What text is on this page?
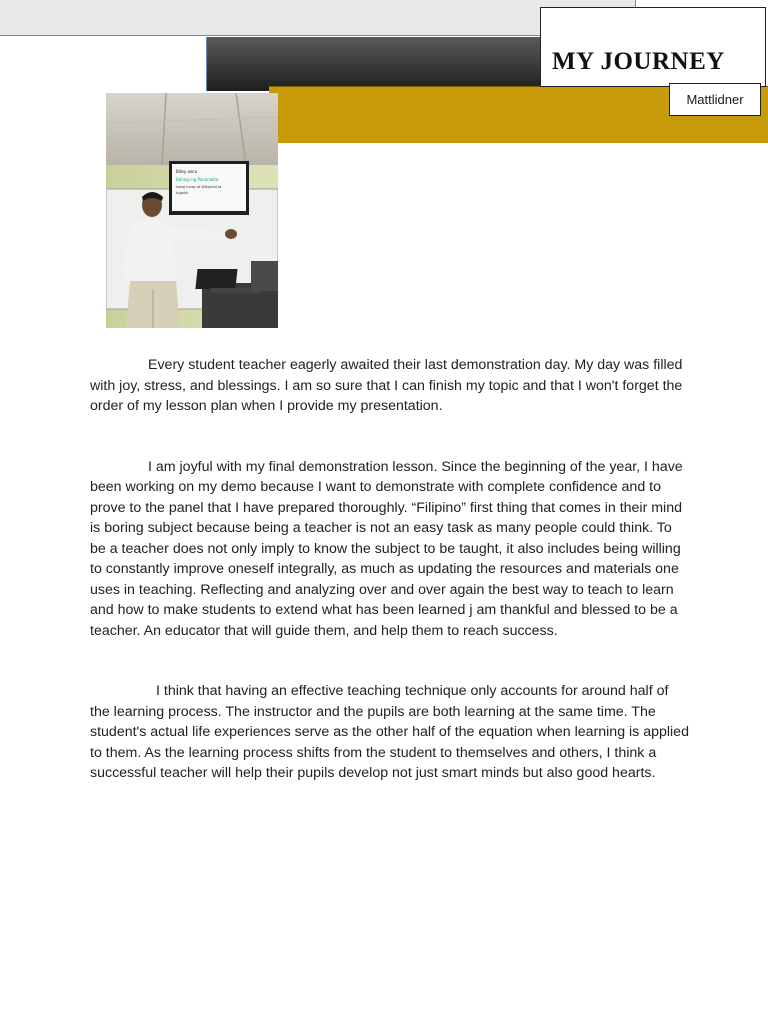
MY JOURNEY
Mattlidner
Bitey aeca
Bahagi ng Pananalita
isang tunay at Wikipinid ta
tugalid

Every student teacher eagerly awaited their last demonstration day. My day was filled with joy, stress, and blessings. I am so sure that I can finish my topic and that I won't forget the order of my lesson plan when I provide my presentation.

I am joyful with my final demonstration lesson. Since the beginning of the year, I have been working on my demo because I want to demonstrate with complete confidence and to prove to the panel that I have prepared thoroughly. “Filipino” first thing that comes in their mind is boring subject because being a teacher is not an easy task as many people could think. To be a teacher does not only imply to know the subject to be taught, it also includes being willing to constantly improve oneself integrally, as much as updating the resources and materials one uses in teaching. Reflecting and analyzing over and over again the best way to teach to learn and how to make students to extend what has been learned j am thankful and blessed to be a teacher. An educator that will guide them, and help them to reach success.

I think that having an effective teaching technique only accounts for around half of the learning process. The instructor and the pupils are both learning at the same time. The student's actual life experiences serve as the other half of the equation when learning is applied to them. As the learning process shifts from the student to themselves and others, I think a successful teacher will help their pupils develop not just smart minds but also good hearts.
